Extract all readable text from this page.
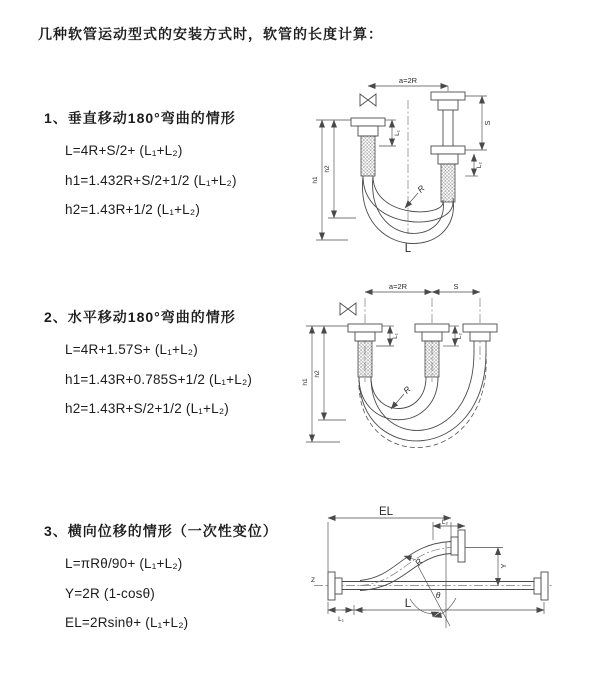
几种软管运动型式的安装方式时，软管的长度计算：
1、垂直移动180°弯曲的情形
L=4R+S/2+ (L₁+L₂)
h1=1.432R+S/2+1/2 (L₁+L₂)
h2=1.43R+1/2 (L₁+L₂)
2、水平移动180°弯曲的情形
L=4R+1.57S+ (L₁+L₂)
h1=1.43R+0.785S+1/2 (L₁+L₂)
h2=1.43R+S/2+1/2 (L₁+L₂)
3、横向位移的情形（一次性变位）
L=πRθ/90+ (L₁+L₂)
Y=2R (1-cosθ)
EL=2Rsinθ+ (L₁+L₂)
a=2R
L₁
S
L₂
h1
h2
R
L
a=2R	S
L₁	L₂
h1
h2
R
Z
θ
R
EL
L₂
Y
L₁
L
